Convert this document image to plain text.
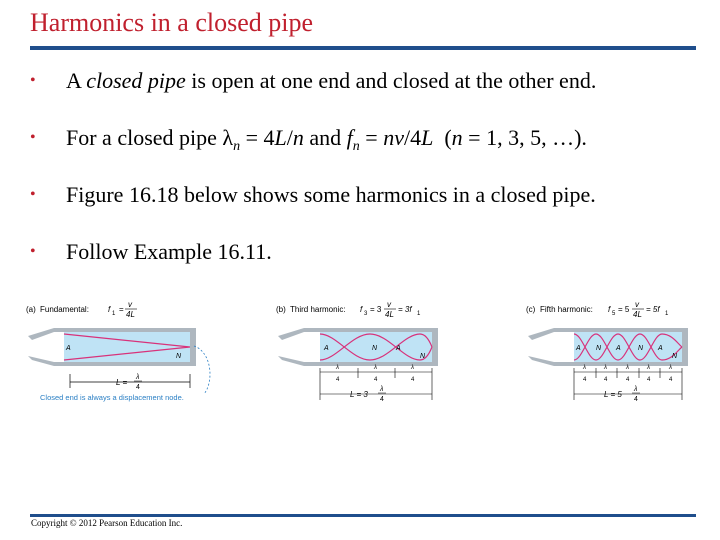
Harmonics in a closed pipe
• A closed pipe is open at one end and closed at the other end.
• For a closed pipe $\lambda_n = 4L/n$ and $f_n = nv/4L$  (n = 1, 3, 5, …).
• Figure 16.18 below shows some harmonics in a closed pipe.
• Follow Example 16.11.
(a) Fundamental: f 1 =
v
4L
A
N
L =
λ
4
Closed end is always a displacement node.
(b) Third harmonic: f 3 = 3
v
4L
= 3f 1
A	A
N
N
λ
4
λ
4
λ
4
L = 3
λ
4
(c) Fifth harmonic: f 5 = 5
v
4L
= 5f 1
A	A	A
N	N
N
λ
4
λ
4
λ
4
λ
4
λ
4
L = 5
λ
4
Copyright © 2012 Pearson Education Inc.
